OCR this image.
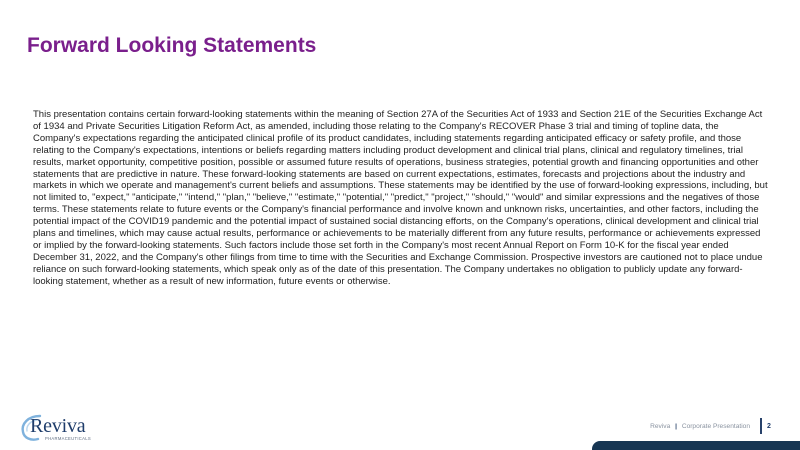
Forward Looking Statements
This presentation contains certain forward-looking statements within the meaning of Section 27A of the Securities Act of 1933 and Section 21E of the Securities Exchange Act of 1934 and Private Securities Litigation Reform Act, as amended, including those relating to the Company's RECOVER Phase 3 trial and timing of topline data, the Company's expectations regarding the anticipated clinical profile of its product candidates, including statements regarding anticipated efficacy or safety profile, and those relating to the Company's expectations, intentions or beliefs regarding matters including product development and clinical trial plans, clinical and regulatory timelines, trial results, market opportunity, competitive position, possible or assumed future results of operations, business strategies, potential growth and financing opportunities and other statements that are predictive in nature. These forward-looking statements are based on current expectations, estimates, forecasts and projections about the industry and markets in which we operate and management's current beliefs and assumptions. These statements may be identified by the use of forward-looking expressions, including, but not limited to, "expect," "anticipate," "intend," "plan," "believe," "estimate," "potential," "predict," "project," "should," "would" and similar expressions and the negatives of those terms. These statements relate to future events or the Company's financial performance and involve known and unknown risks, uncertainties, and other factors, including the potential impact of the COVID19 pandemic and the potential impact of sustained social distancing efforts, on the Company's operations, clinical development and clinical trial plans and timelines, which may cause actual results, performance or achievements to be materially different from any future results, performance or achievements expressed or implied by the forward-looking statements. Such factors include those set forth in the Company's most recent Annual Report on Form 10-K for the fiscal year ended December 31, 2022, and the Company's other filings from time to time with the Securities and Exchange Commission. Prospective investors are cautioned not to place undue reliance on such forward-looking statements, which speak only as of the date of this presentation. The Company undertakes no obligation to publicly update any forward-looking statement, whether as a result of new information, future events or otherwise.
Reviva
PHARMACEUTICALS
Reviva | Corporate Presentation 2
